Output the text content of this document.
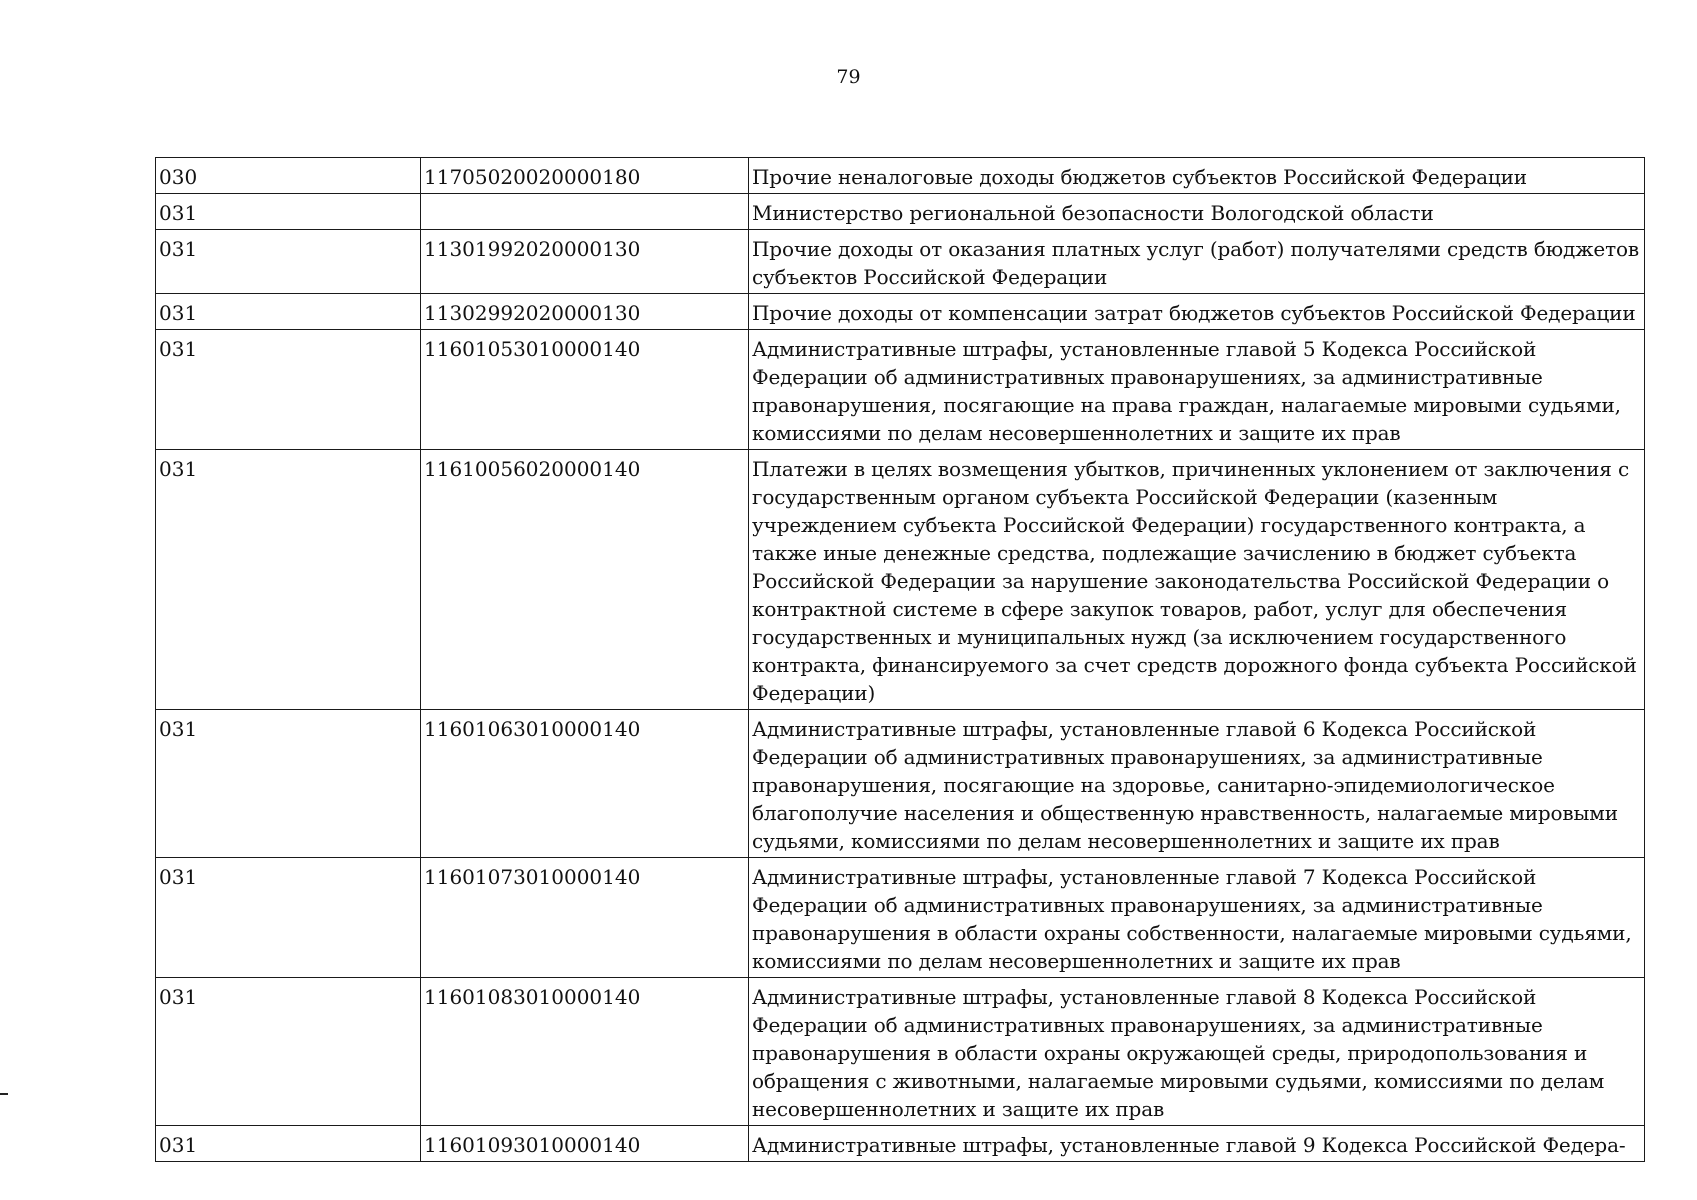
79
030	11705020020000180	Прочие неналоговые доходы бюджетов субъектов Российской Федерации
031		Министерство региональной безопасности Вологодской области
031	11301992020000130	Прочие доходы от оказания платных услуг (работ) получателями средств бюджетов субъектов Российской Федерации
031	11302992020000130	Прочие доходы от компенсации затрат бюджетов субъектов Российской Федерации
031	11601053010000140	Административные штрафы, установленные главой 5 Кодекса Российской Федерации об административных правонарушениях, за административные правонарушения, посягающие на права граждан, налагаемые мировыми судьями, комиссиями по делам несовершеннолетних и защите их прав
031	11610056020000140	Платежи в целях возмещения убытков, причиненных уклонением от заключения с государственным органом субъекта Российской Федерации (казенным учреждением субъекта Российской Федерации) государственного контракта, а также иные денежные средства, подлежащие зачислению в бюджет субъекта Российской Федерации за нарушение законодательства Российской Федерации о контрактной системе в сфере закупок товаров, работ, услуг для обеспечения государственных и муниципальных нужд (за исключением государственного контракта, финансируемого за счет средств дорожного фонда субъекта Российской Федерации)
031	11601063010000140	Административные штрафы, установленные главой 6 Кодекса Российской Федерации об административных правонарушениях, за административные правонарушения, посягающие на здоровье, санитарно-эпидемиологическое благополучие населения и общественную нравственность, налагаемые мировыми судьями, комиссиями по делам несовершеннолетних и защите их прав
031	11601073010000140	Административные штрафы, установленные главой 7 Кодекса Российской Федерации об административных правонарушениях, за административные правонарушения в области охраны собственности, налагаемые мировыми судьями, комиссиями по делам несовершеннолетних и защите их прав
031	11601083010000140	Административные штрафы, установленные главой 8 Кодекса Российской Федерации об административных правонарушениях, за административные правонарушения в области охраны окружающей среды, природопользования и обращения с животными, налагаемые мировыми судьями, комиссиями по делам несовершеннолетних и защите их прав
031	11601093010000140	Административные штрафы, установленные главой 9 Кодекса Российской Федера-
